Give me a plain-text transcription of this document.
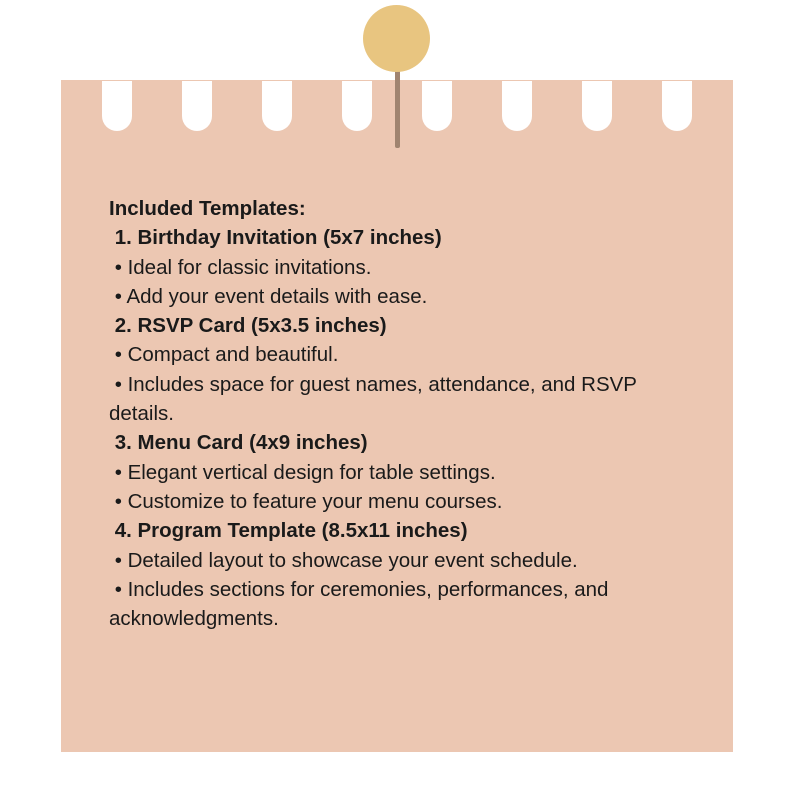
Included Templates:
1. Birthday Invitation (5x7 inches)
• Ideal for classic invitations.
• Add your event details with ease.
2. RSVP Card (5x3.5 inches)
• Compact and beautiful.
• Includes space for guest names, attendance, and RSVP details.
3. Menu Card (4x9 inches)
• Elegant vertical design for table settings.
• Customize to feature your menu courses.
4. Program Template (8.5x11 inches)
• Detailed layout to showcase your event schedule.
• Includes sections for ceremonies, performances, and acknowledgments.
